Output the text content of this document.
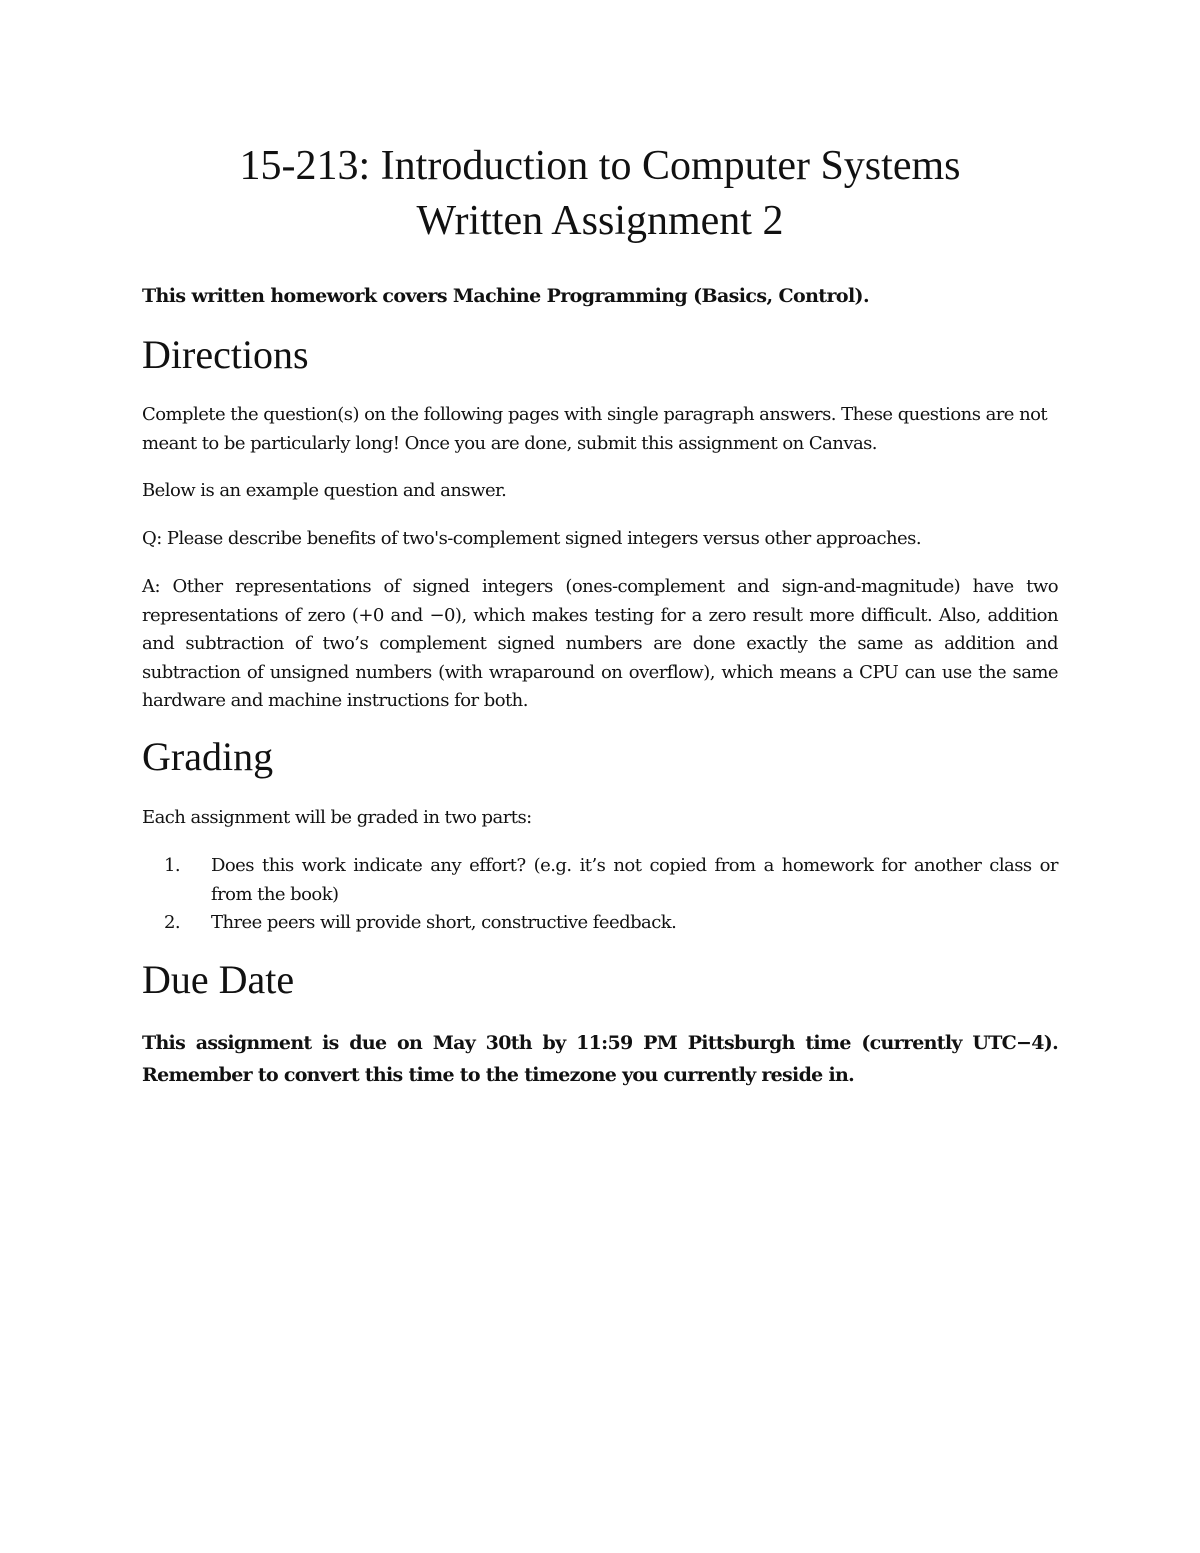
15-213: Introduction to Computer Systems
Written Assignment 2

This written homework covers Machine Programming (Basics, Control).

Directions

Complete the question(s) on the following pages with single paragraph answers. These questions are not meant to be particularly long! Once you are done, submit this assignment on Canvas.

Below is an example question and answer.

Q: Please describe benefits of two's-complement signed integers versus other approaches.

A: Other representations of signed integers (ones-complement and sign-and-magnitude) have two representations of zero (+0 and −0), which makes testing for a zero result more difficult. Also, addition and subtraction of two’s complement signed numbers are done exactly the same as addition and subtraction of unsigned numbers (with wraparound on overflow), which means a CPU can use the same hardware and machine instructions for both.

Grading

Each assignment will be graded in two parts:

1. Does this work indicate any effort? (e.g. it’s not copied from a homework for another class or from the book)
2. Three peers will provide short, constructive feedback.
Due Date

This assignment is due on May 30th by 11:59 PM Pittsburgh time (currently UTC−4). Remember to convert this time to the timezone you currently reside in.
